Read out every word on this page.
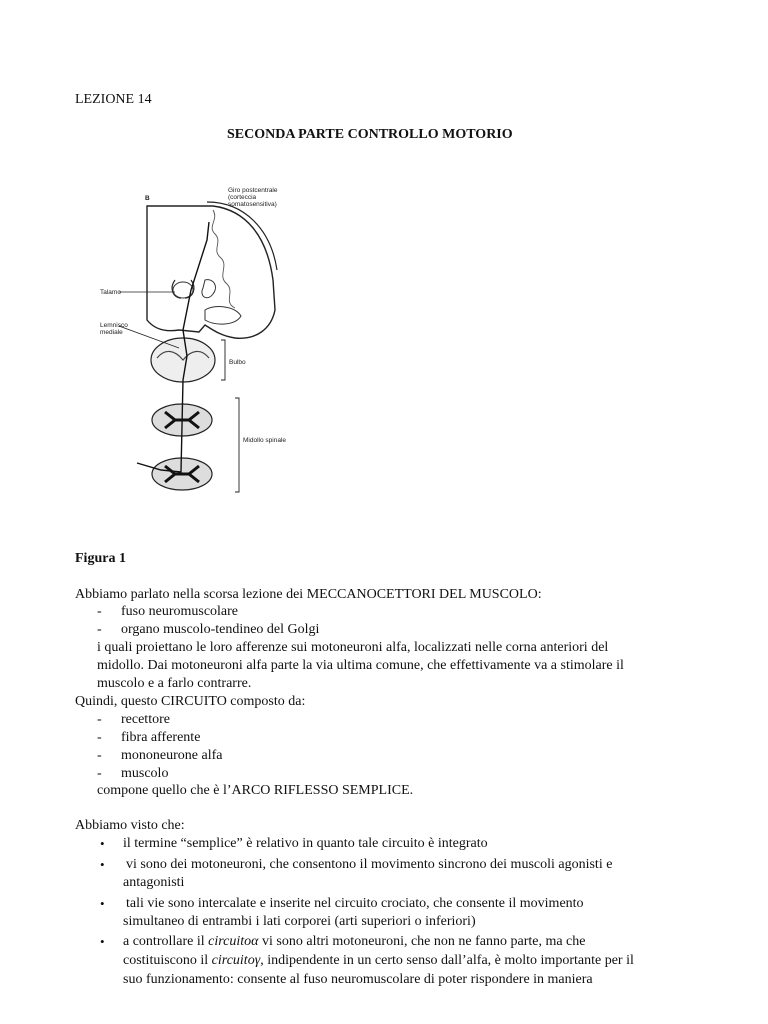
LEZIONE 14
SECONDA PARTE CONTROLLO MOTORIO
B
Giro postcentrale
(corteccia
somatosensitiva)
Talamo
Lemnisco
mediale
Bulbo
Midollo spinale
Figura 1
Abbiamo parlato nella scorsa lezione dei MECCANOCETTORI DEL MUSCOLO:
- fuso neuromuscolare
- organo muscolo-tendineo del Golgi
i quali proiettano le loro afferenze sui motoneuroni alfa, localizzati nelle corna anteriori del
midollo. Dai motoneuroni alfa parte la via ultima comune, che effettivamente va a stimolare il
muscolo e a farlo contrarre.
Quindi, questo CIRCUITO composto da:
- recettore
- fibra afferente
- mononeurone alfa
- muscolo
compone quello che è l’ARCO RIFLESSO SEMPLICE.
Abbiamo visto che:
• il termine “semplice” è relativo in quanto tale circuito è integrato
• vi sono dei motoneuroni, che consentono il movimento sincrono dei muscoli agonisti e
antagonisti
• tali vie sono intercalate e inserite nel circuito crociato, che consente il movimento
simultaneo di entrambi i lati corporei (arti superiori o inferiori)
• a controllare il circuitoα vi sono altri motoneuroni, che non ne fanno parte, ma che
costituiscono il circuitoγ, indipendente in un certo senso dall’alfa, è molto importante per il
suo funzionamento: consente al fuso neuromuscolare di poter rispondere in maniera
